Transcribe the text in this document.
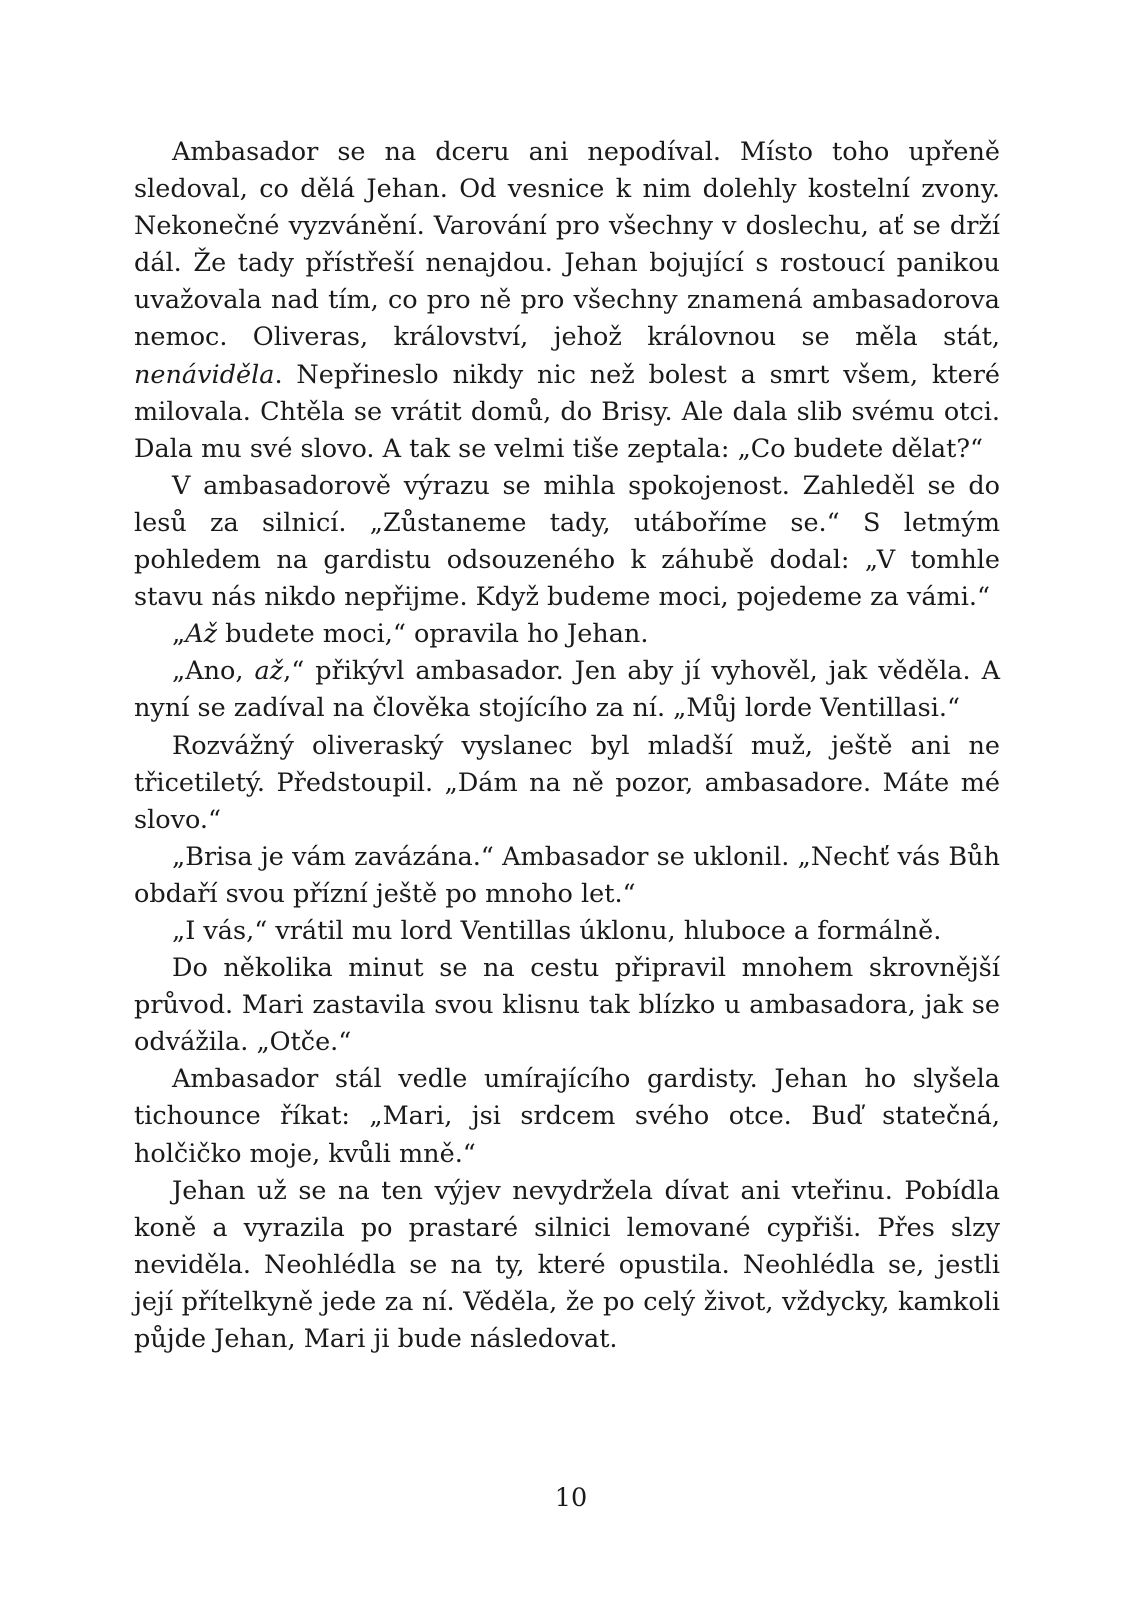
Ambasador se na dceru ani nepodíval. Místo toho upřeně sledoval, co dělá Jehan. Od vesnice k nim dolehly kostelní zvony. Nekonečné vyzvánění. Varování pro všechny v doslechu, ať se drží dál. Že tady přístřeší nenajdou. Jehan bojující s rostoucí panikou uvažovala nad tím, co pro ně pro všechny znamená ambasadorova nemoc. Oliveras, království, jehož královnou se měla stát, nenáviděla. Nepřineslo nikdy nic než bolest a smrt všem, které milovala. Chtěla se vrátit domů, do Brisy. Ale dala slib svému otci. Dala mu své slovo. A tak se velmi tiše zeptala: „Co budete dělat?“

V ambasadorově výrazu se mihla spokojenost. Zahleděl se do lesů za silnicí. „Zůstaneme tady, utáboříme se.“ S letmým pohledem na gardistu odsouzeného k záhubě dodal: „V tomhle stavu nás nikdo nepřijme. Když budeme moci, pojedeme za vámi.“

„Až budete moci,“ opravila ho Jehan.

„Ano, až,“ přikývl ambasador. Jen aby jí vyhověl, jak věděla. A nyní se zadíval na člověka stojícího za ní. „Můj lorde Ventillasi.“

Rozvážný oliveraský vyslanec byl mladší muž, ještě ani ne třicetiletý. Předstoupil. „Dám na ně pozor, ambasadore. Máte mé slovo.“

„Brisa je vám zavázána.“ Ambasador se uklonil. „Nechť vás Bůh obdaří svou přízní ještě po mnoho let.“

„I vás,“ vrátil mu lord Ventillas úklonu, hluboce a formálně.

Do několika minut se na cestu připravil mnohem skrovnější průvod. Mari zastavila svou klisnu tak blízko u ambasadora, jak se odvážila. „Otče.“

Ambasador stál vedle umírajícího gardisty. Jehan ho slyšela tichounce říkat: „Mari, jsi srdcem svého otce. Buď statečná, holčičko moje, kvůli mně.“

Jehan už se na ten výjev nevydržela dívat ani vteřinu. Pobídla koně a vyrazila po prastaré silnici lemované cypřiši. Přes slzy neviděla. Neohlédla se na ty, které opustila. Neohlédla se, jestli její přítelkyně jede za ní. Věděla, že po celý život, vždycky, kamkoli půjde Jehan, Mari ji bude následovat.

10
